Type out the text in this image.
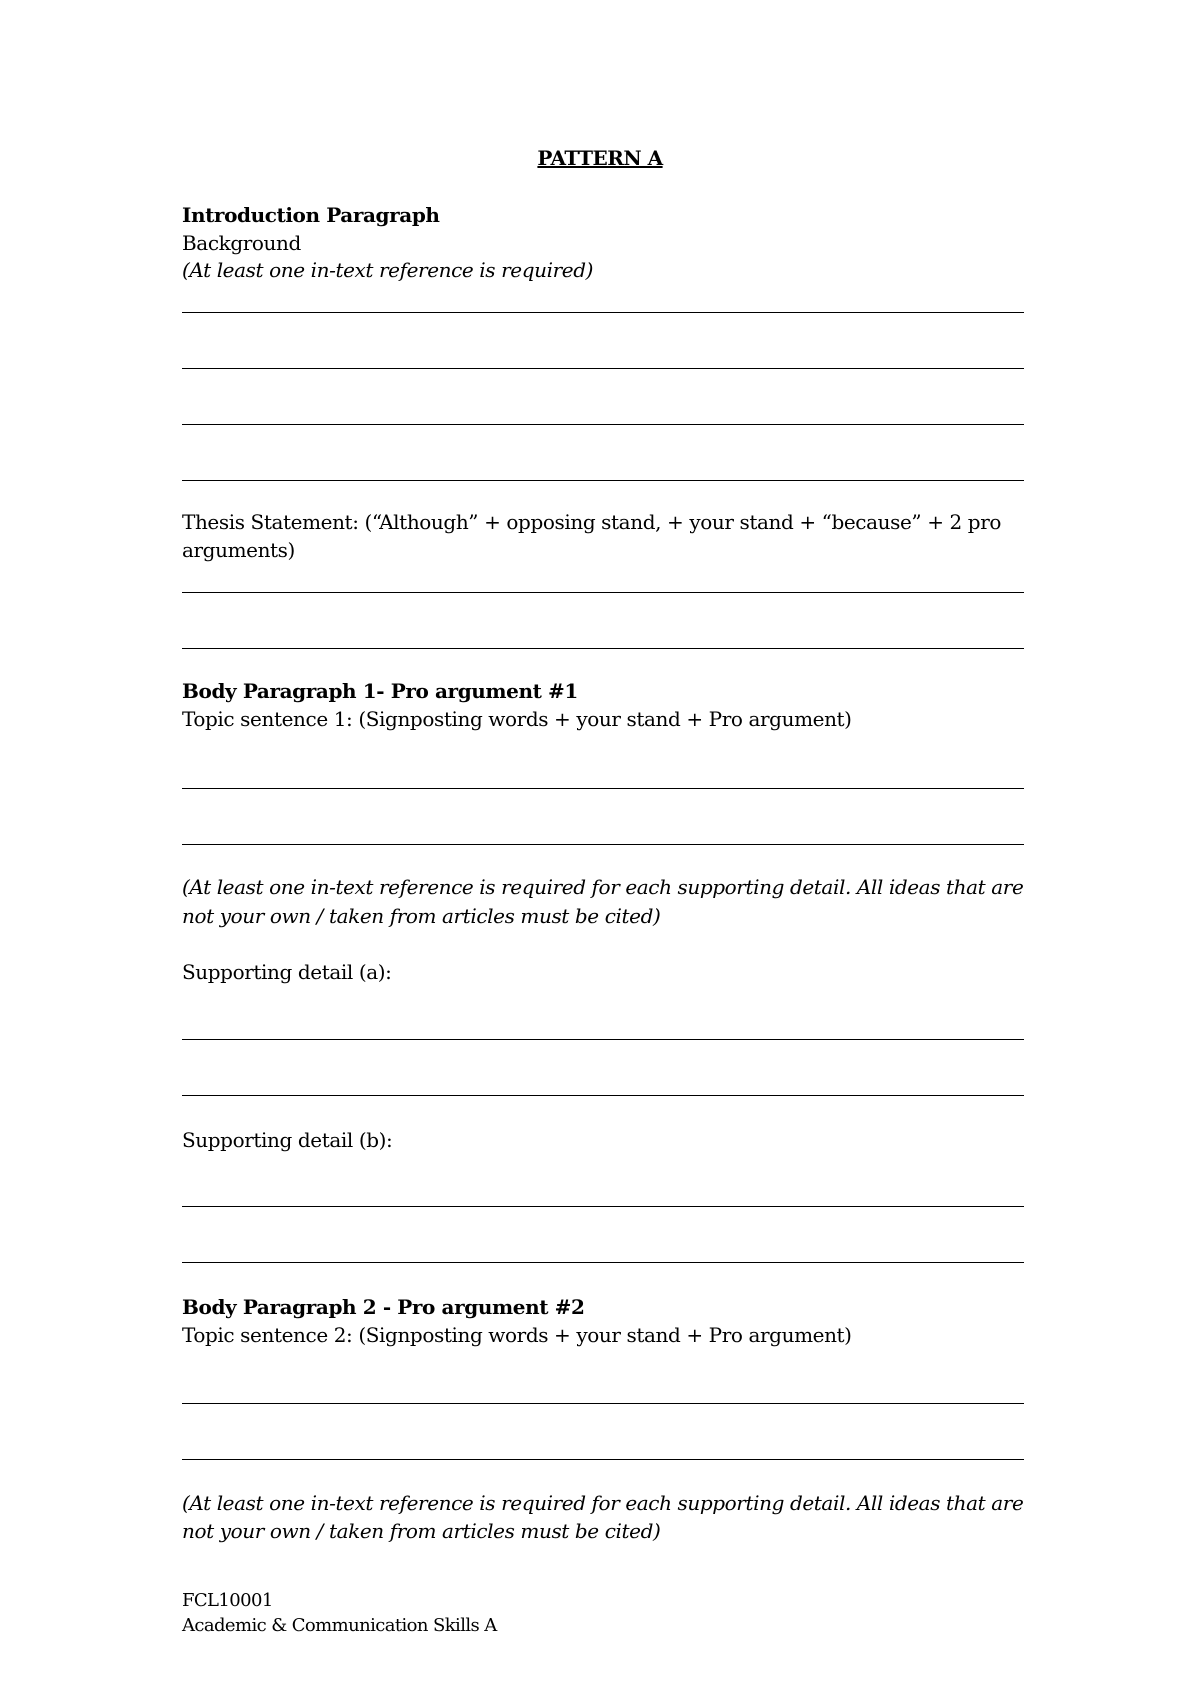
PATTERN A
Introduction Paragraph
Background
(At least one in-text reference is required)
Thesis Statement: (“Although” + opposing stand, + your stand + “because” + 2 pro
arguments)
Body Paragraph 1- Pro argument #1
Topic sentence 1: (Signposting words + your stand + Pro argument)
(At least one in-text reference is required for each supporting detail. All ideas that are
not your own / taken from articles must be cited)
Supporting detail (a):
Supporting detail (b):
Body Paragraph 2 - Pro argument #2
Topic sentence 2: (Signposting words + your stand + Pro argument)
(At least one in-text reference is required for each supporting detail. All ideas that are
not your own / taken from articles must be cited)
FCL10001
Academic & Communication Skills A
